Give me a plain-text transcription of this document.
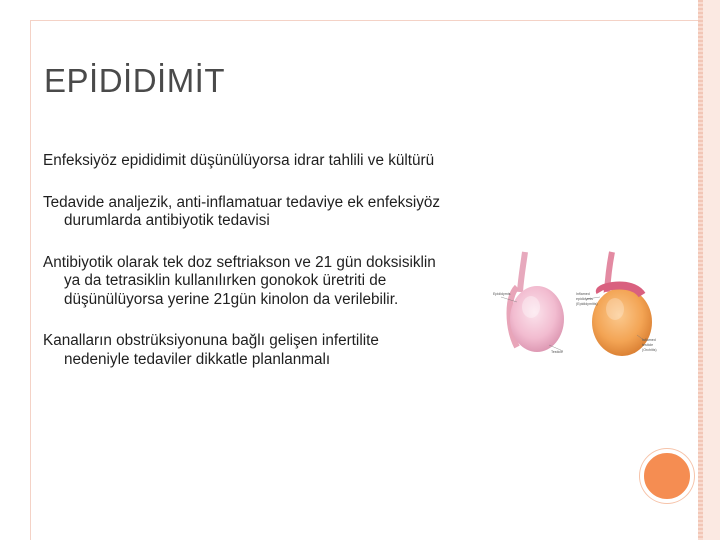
EPİDİDİMİT

Enfeksiyöz epididimit düşünülüyorsa idrar tahlili ve kültürü

Tedavide analjezik, anti-inflamatuar tedaviye ek enfeksiyöz durumlarda antibiyotik tedavisi

Antibiyotik olarak tek doz seftriakson ve 21 gün doksisiklin ya da tetrasiklin kullanılırken gonokok üretriti de düşünülüyorsa yerine 21gün kinolon da verilebilir.

Kanalların obstrüksiyonuna bağlı gelişen infertilite nedeniyle tedaviler dikkatle planlanmalı

Epididymis
Testicle
Inflamed
epididymis
(Epididymitis)
Inflamed
testicle
(Orchitis)
